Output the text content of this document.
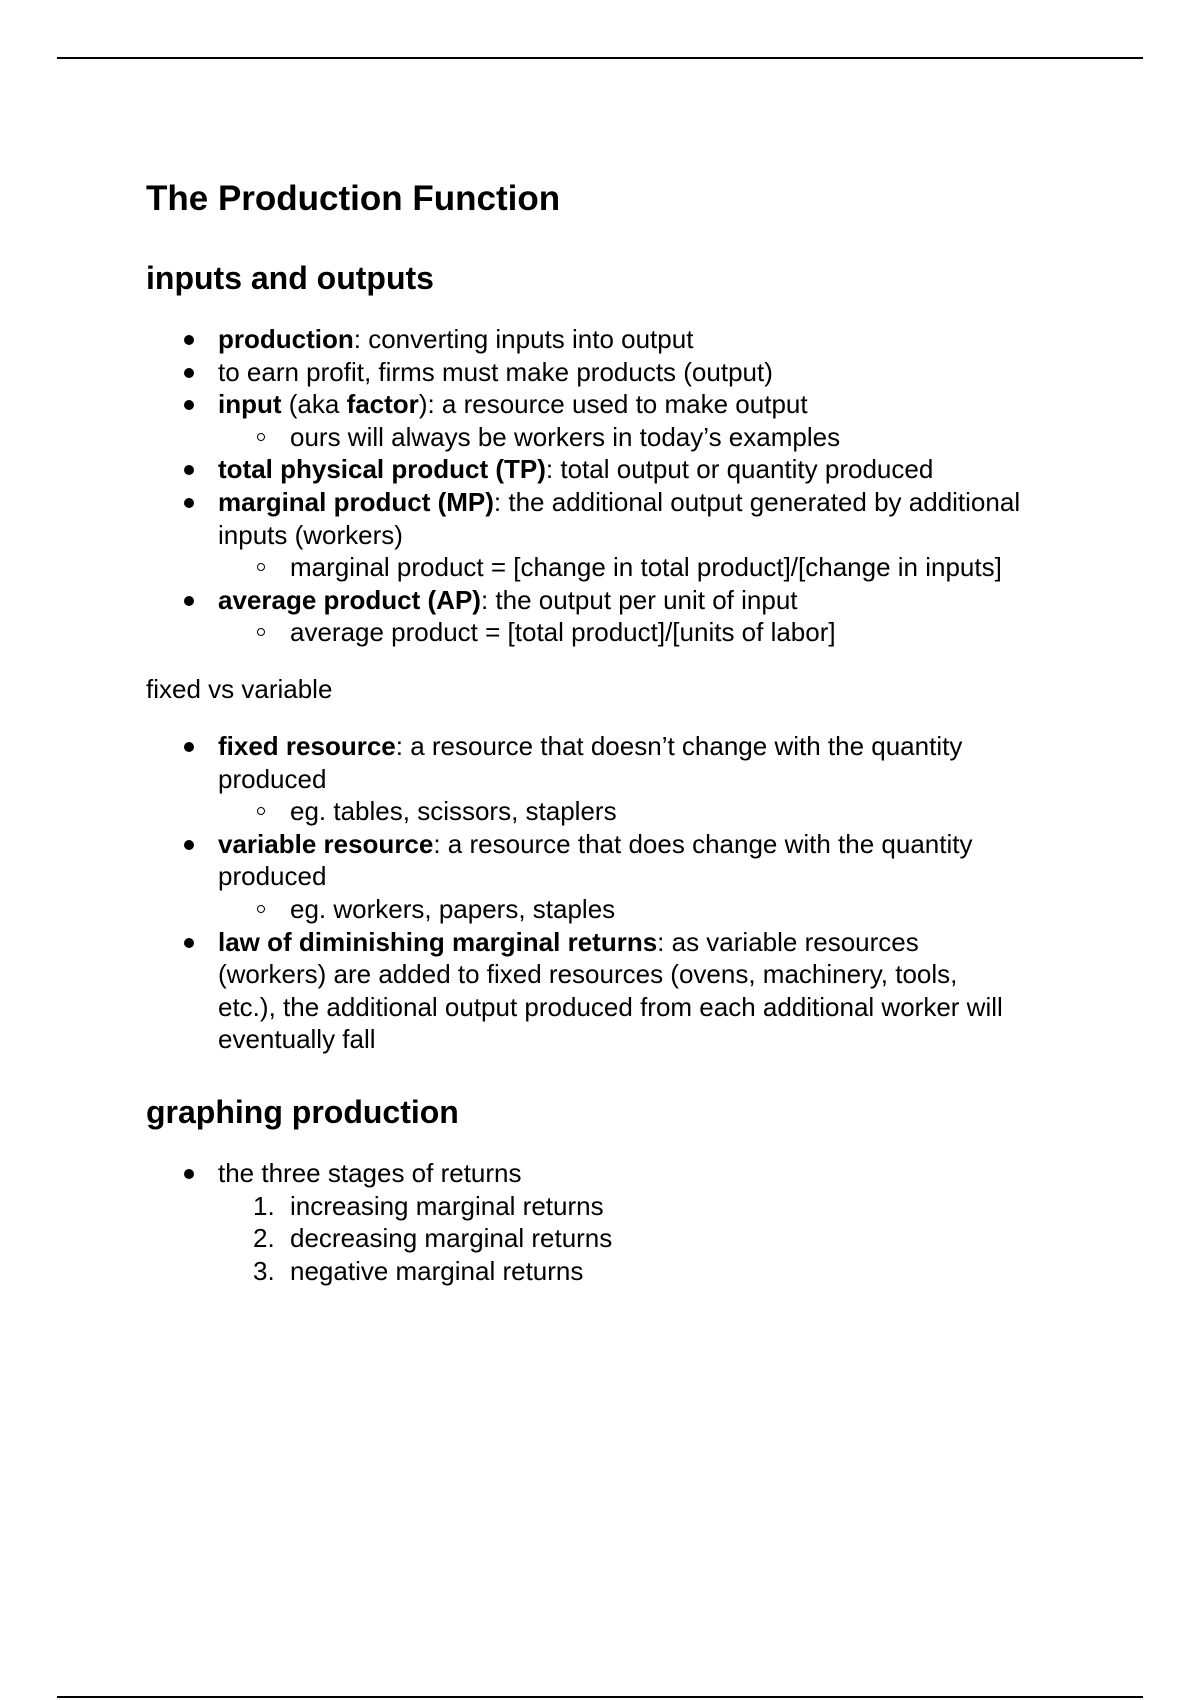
The Production Function
inputs and outputs
production: converting inputs into output
to earn profit, firms must make products (output)
input (aka factor): a resource used to make output
ours will always be workers in today’s examples
total physical product (TP): total output or quantity produced
marginal product (MP): the additional output generated by additional
inputs (workers)
marginal product = [change in total product]/[change in inputs]
average product (AP): the output per unit of input
average product = [total product]/[units of labor]

fixed vs variable

fixed resource: a resource that doesn’t change with the quantity
produced
eg. tables, scissors, staplers
variable resource: a resource that does change with the quantity
produced
eg. workers, papers, staples
law of diminishing marginal returns: as variable resources
(workers) are added to fixed resources (ovens, machinery, tools,
etc.), the additional output produced from each additional worker will
eventually fall
graphing production
the three stages of returns
1. increasing marginal returns
2. decreasing marginal returns
3. negative marginal returns
